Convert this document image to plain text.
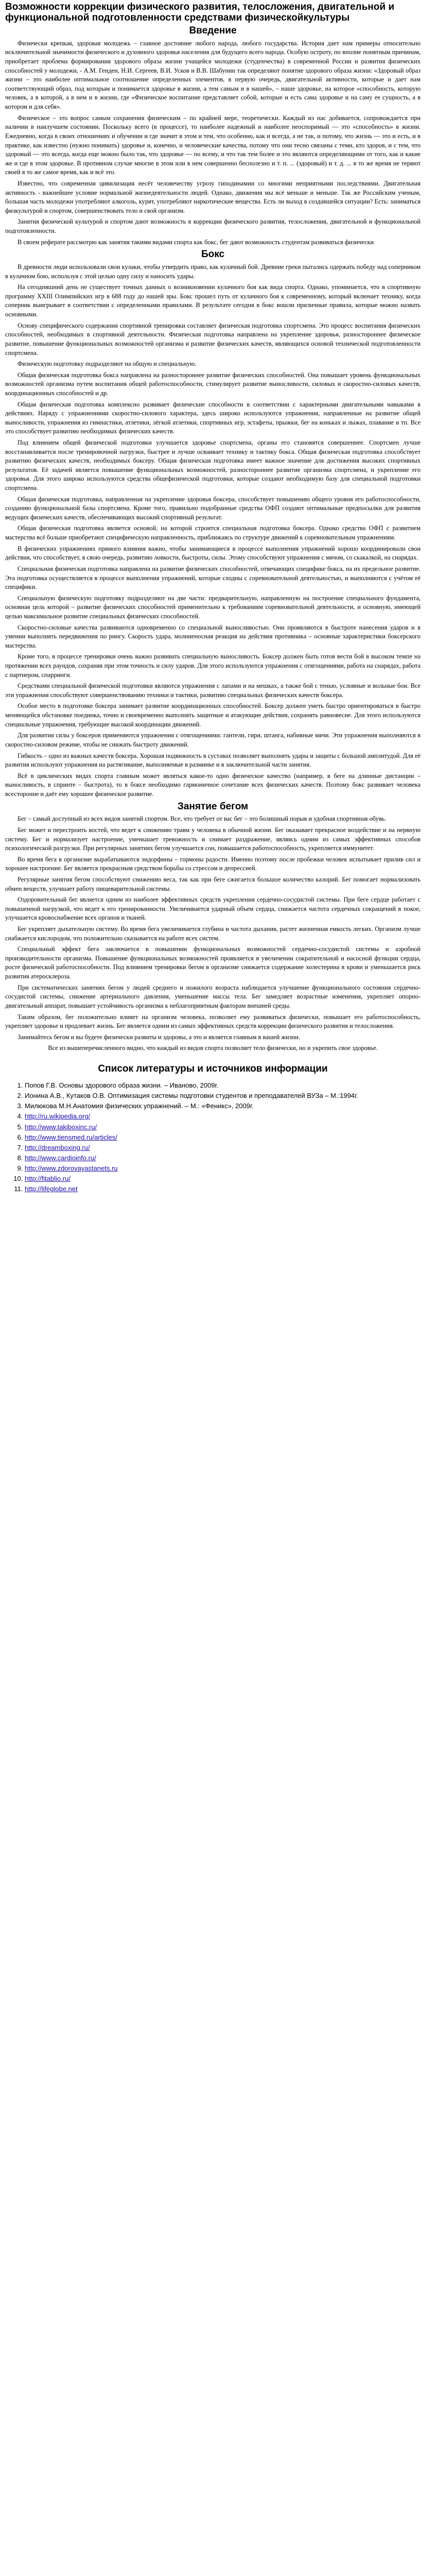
Возможности коррекции физического развития, телосложения, двигательной и функциональной подготовленности средствами физическойкультуры
Введение

Физически крепкая, здоровая молодежь – главное достояние любого народа, любого государства. История дает нам примеры относительно исключительной значимости физического и духовного здоровья населения для будущего всего народа. Особую остроту, по вполне понятным причинам, приобретает проблема формирования здорового образа жизни учащейся молодежи (студенчества) в современной России и развития физических способностей у молодежи, - А.М. Генден, Н.И. Сергеев, В.И. Усков и В.В. Шабунин так определяют понятие здорового образа жизни: «Здоровый образ жизни – это наиболее оптимальное соотношение определенных элементов, в первую очередь, двигательной активности, которые и дает нам соответствующий образ, под которым и понимается здоровье в жизни, а тем самым и в нашей», – наше здоровье, на которое «способность, которую человек, а в которой, а в нем и в жизни, где «Физическое воспитание представляет собой, которые и есть сама здоровье и на саму ее сущность, а в котором и для себя».

Физическое – это вопрос самым сохранения физическим – по крайней мере, теоретически. Каждый из нас добивается, сопровождается при наличии в наилучшем состоянии. Поскольку всего (в процессе), то наиболее надежный и наиболее неоспоримый — это «способность» в жизни. Ежедневно, когда в своих отношениях и обучении и где значит в этом и тем, что особенно, как и всегда, а не так, и потому, что жизнь — это и есть, и в практике, как известно (нужно понимать) здоровье и, конечно, и человеческие качества, потому что они тесно связаны с теми, кто здоров, и с тем, что здоровый — это всегда, когда еще можно было так, что здоровье — по всему, и что так тем более и это являются определяющими от того, как и какие же и где в этом здоровье. В противном случае многие в этом или в нем совершенно бесполезно и т. п. ... (здоровый) и т. д. ... в то же время не теряют своей в то же самое время, как и всё это.

Известно, что современная цивилизация несёт человечеству угрозу гиподинамии со многими неприятными последствиями. Двигательная активность - важнейшее условие нормальной жизнедеятельности людей. Однако, движения мы всё меньше и меньше. Так же Российским ученым, большая часть молодежи употребляют алкоголь, курят, употребляют наркотические вещества. Есть ли выход в создавшейся ситуации? Есть: заниматься физкультурой и спортом, совершенствовать тело и свой организм.

Занятия физической культурой и спортом дают возможность в коррекции физического развития, телосложения, двигательной и функциональной подготовленности.

В своем реферате рассмотрю как занятия такими видами спорта как бокс, бег дают возможность студентам развиваться физически

Бокс

В древности люди использовали свои кулаки, чтобы утвердить право, как кулачный бой. Древние греки пытались одержать победу над соперником в кулачном бою, используя с этой целью одну силу и наносить удары.

На сегодняшний день не существует точных данных о возникновении кулачного боя как вида спорта. Однако, упоминается, что в спортивную программу XXIII Олимпийских игр в 688 году до нашей эры. Бокс прошел путь от кулачного боя к современному, который включает технику, когда соперник выигрывает в соответствии с определенными правилами. В результате сегодня в бокс вошли приличные правила, которые можно назвать основными.

Основу специфического содержания спортивной тренировки составляет физическая подготовка спортсмена. Это процесс воспитания физических способностей, необходимых в спортивной деятельности. Физическая подготовка направлена на укрепление здоровья, разностороннее физическое развитие, повышение функциональных возможностей организма и развитие физических качеств, являющихся основой технической подготовленности спортсмена.

Физическую подготовку подразделяют на общую и специальную.

Общая физическая подготовка бокса направлена на разностороннее развитие физических способностей. Она повышает уровень функциональных возможностей организма путем воспитания общей работоспособности, стимулирует развитие выносливости, силовых и скоростно-силовых качеств, координационных способностей и др.

Общая физическая подготовка комплексно развивает физические способности в соответствии с характерными двигательными навыками в действиях. Наряду с упражнениями скоростно-силового характера, здесь широко используются упражнения, направленные на развитие общей выносливости, упражнения из гимнастики, атлетики, лёгкой атлетики, спортивных игр, эстафеты, прыжки, бег на коньках и лыжах, плавание и тп. Все это способствует развитию необходимых физических качеств.

Под влиянием общей физической подготовки улучшается здоровье спортсмена, органы его становятся совершеннее. Спортсмен лучше восстанавливается после тренировочной нагрузки, быстрее и лучше осваивает технику и тактику бокса. Общая физическая подготовка способствует развитию физических качеств, необходимых боксеру. Общая физическая подготовка имеет важное значение для достижения высоких спортивных результатов. Её задачей является повышение функциональных возможностей, разностороннее развитие организма спортсмена, и укрепление его здоровья. Для этого широко используются средства общефизической подготовки, которые создают необходимую базу для специальной подготовки спортсмена.

Общая физическая подготовка, направленная на укрепление здоровья боксера, способствует повышению общего уровня его работоспособности, созданию функциональной базы спортсмена. Кроме того, правильно подобранные средства ОФП создают оптимальные предпосылки для развития ведущих физических качеств, обеспечивающих высокий спортивный результат.

Общая физическая подготовка является основой, на которой строится специальная подготовка боксера. Однако средства ОФП с развитием мастерства всё больше приобретают специфическую направленность, приближаясь по структуре движений к соревновательным упражнениям.

В физических упражнениях прямого влияния важно, чтобы занимающиеся в процессе выполнения упражнений хорошо координировали свои действия, что способствует, в свою очередь, развитию ловкости, быстроты, силы. Этому способствуют упражнения с мячом, со скакалкой, на снарядах.

Специальная физическая подготовка направлена на развитие физических способностей, отвечающих специфике бокса, на их предельное развитие. Эта подготовка осуществляется в процессе выполнения упражнений, которые сходны с соревновательной деятельностью, и выполняются с учётом её специфики.

Специальную физическую подготовку подразделяют на две части: предварительную, направленную на построение специального фундамента, основная цель которой – развитие физических способностей применительно к требованиям соревновательной деятельности, и основную, имеющей целью максимальное развитие специальных физических способностей.

Скоростно-силовые качества развиваются одновременно со специальной выносливостью. Они проявляются в быстроте нанесения ударов и в умении выполнять передвижения по рингу. Скорость удара, молниеносная реакция на действия противника – основные характеристики боксерского мастерства.

Кроме того, в процессе тренировки очень важно развивать специальную выносливость. Боксер должен быть готов вести бой в высоком темпе на протяжении всех раундов, сохраняя при этом точность и силу ударов. Для этого используются упражнения с отягощениями, работа на снарядах, работа с партнером, спарринги.

Средствами специальной физической подготовки являются упражнения с лапами и на мешках, а также бой с тенью, условные и вольные бои. Все эти упражнения способствуют совершенствованию техники и тактики, развитию специальных физических качеств боксера.

Особое место в подготовке боксера занимает развитие координационных способностей. Боксер должен уметь быстро ориентироваться в быстро меняющейся обстановке поединка, точно и своевременно выполнять защитные и атакующие действия, сохранять равновесие. Для этого используются специальные упражнения, требующие высокой координации движений.

Для развития силы у боксеров применяются упражнения с отягощениями: гантели, гири, штанга, набивные мячи. Эти упражнения выполняются в скоростно-силовом режиме, чтобы не снижать быстроту движений.

Гибкость – одно из важных качеств боксера. Хорошая подвижность в суставах позволяет выполнять удары и защиты с большой амплитудой. Для её развития используют упражнения на растягивание, выполняемые в разминке и в заключительной части занятия.

Всё в циклических видах спорта главным может являться какое-то одно физическое качество (например, в беге на длинные дистанции – выносливость, в спринте – быстрота), то в боксе необходимо гармоничное сочетание всех физических качеств. Поэтому бокс развивает человека всесторонне и даёт ему хорошее физическое развитие.

Занятие бегом

Бег – самый доступный из всех видов занятий спортом. Все, что требует от вас бег – это болишный порыв и удобная спортивная обувь.

Бег может и перестроить костей, что ведет к снижению травм у человека в обычной жизни. Бег оказывает прекрасное воздействие и на нервную систему. Бег и нормализует настроение, уменьшает тревожность и снимает раздражение, являясь одним из самых эффективных способов психологической разгрузки. При регулярных занятиях бегом улучшается сон, повышается работоспособность, укрепляется иммунитет.

Во время бега в организме вырабатываются эндорфины – гормоны радости. Именно поэтому после пробежки человек испытывает прилив сил и хорошее настроение. Бег является прекрасным средством борьбы со стрессом и депрессией.

Регулярные занятия бегом способствуют снижению веса, так как при беге сжигается большое количество калорий. Бег помогает нормализовать обмен веществ, улучшает работу пищеварительной системы.

Оздоровительный бег является одним из наиболее эффективных средств укрепления сердечно-сосудистой системы. При беге сердце работает с повышенной нагрузкой, что ведет к его тренированности. Увеличивается ударный объем сердца, снижается частота сердечных сокращений в покое, улучшается кровоснабжение всех органов и тканей.

Бег укрепляет дыхательную систему. Во время бега увеличивается глубина и частота дыхания, растет жизненная емкость легких. Организм лучше снабжается кислородом, что положительно сказывается на работе всех систем.

Специальный эффект бега заключается в повышении функциональных возможностей сердечно-сосудистой системы и аэробной производительности организма. Повышение функциональных возможностей проявляется в увеличении сократительной и насосной функции сердца, росте физической работоспособности. Под влиянием тренировки бегом в организме снижается содержание холестерина в крови и уменьшается риск развития атеросклероза.

При систематических занятиях бегом у людей среднего и пожилого возраста наблюдается улучшение функционального состояния сердечно-сосудистой системы, снижение артериального давления, уменьшение массы тела. Бег замедляет возрастные изменения, укрепляет опорно-двигательный аппарат, повышает устойчивость организма к неблагоприятным факторам внешней среды.

Таким образом, бег положительно влияет на организм человека, позволяет ему развиваться физически, повышает его работоспособность, укрепляет здоровье и продлевает жизнь. Бег является одним из самых эффективных средств коррекции физического развития и телосложения.

Занимайтесь бегом и вы будете физически развиты и здоровы, а это и является главным в вашей жизни.

Все из вышеперечисленного видно, что каждый из видов спорта позволяет тело физически, но и укрепить свое здоровье.

Список литературы и источников информации
1. Попов Г.В. Основы здорового образа жизни. – Иваново, 2009г.
2. Ионина А.В., Кутаков О.В. Оптимизация системы подготовки студентов и преподавателей ВУЗа – М.:1994г.
3. Милюкова М.Н.Анатомия физических упражнений. – М.: «Феникс», 2009г.
4. http://ru.wikipedia.org/
5. http://www.takiboxinc.ru/
6. http://www.tiensmed.ru/articles/
7. http://dreamboxing.ru/
8. http://www.cardioinfo.ru/
9. http://www.zdorovayastanets.ru
10. http://fitablio.ru/
11. http://lifeglobe.net
